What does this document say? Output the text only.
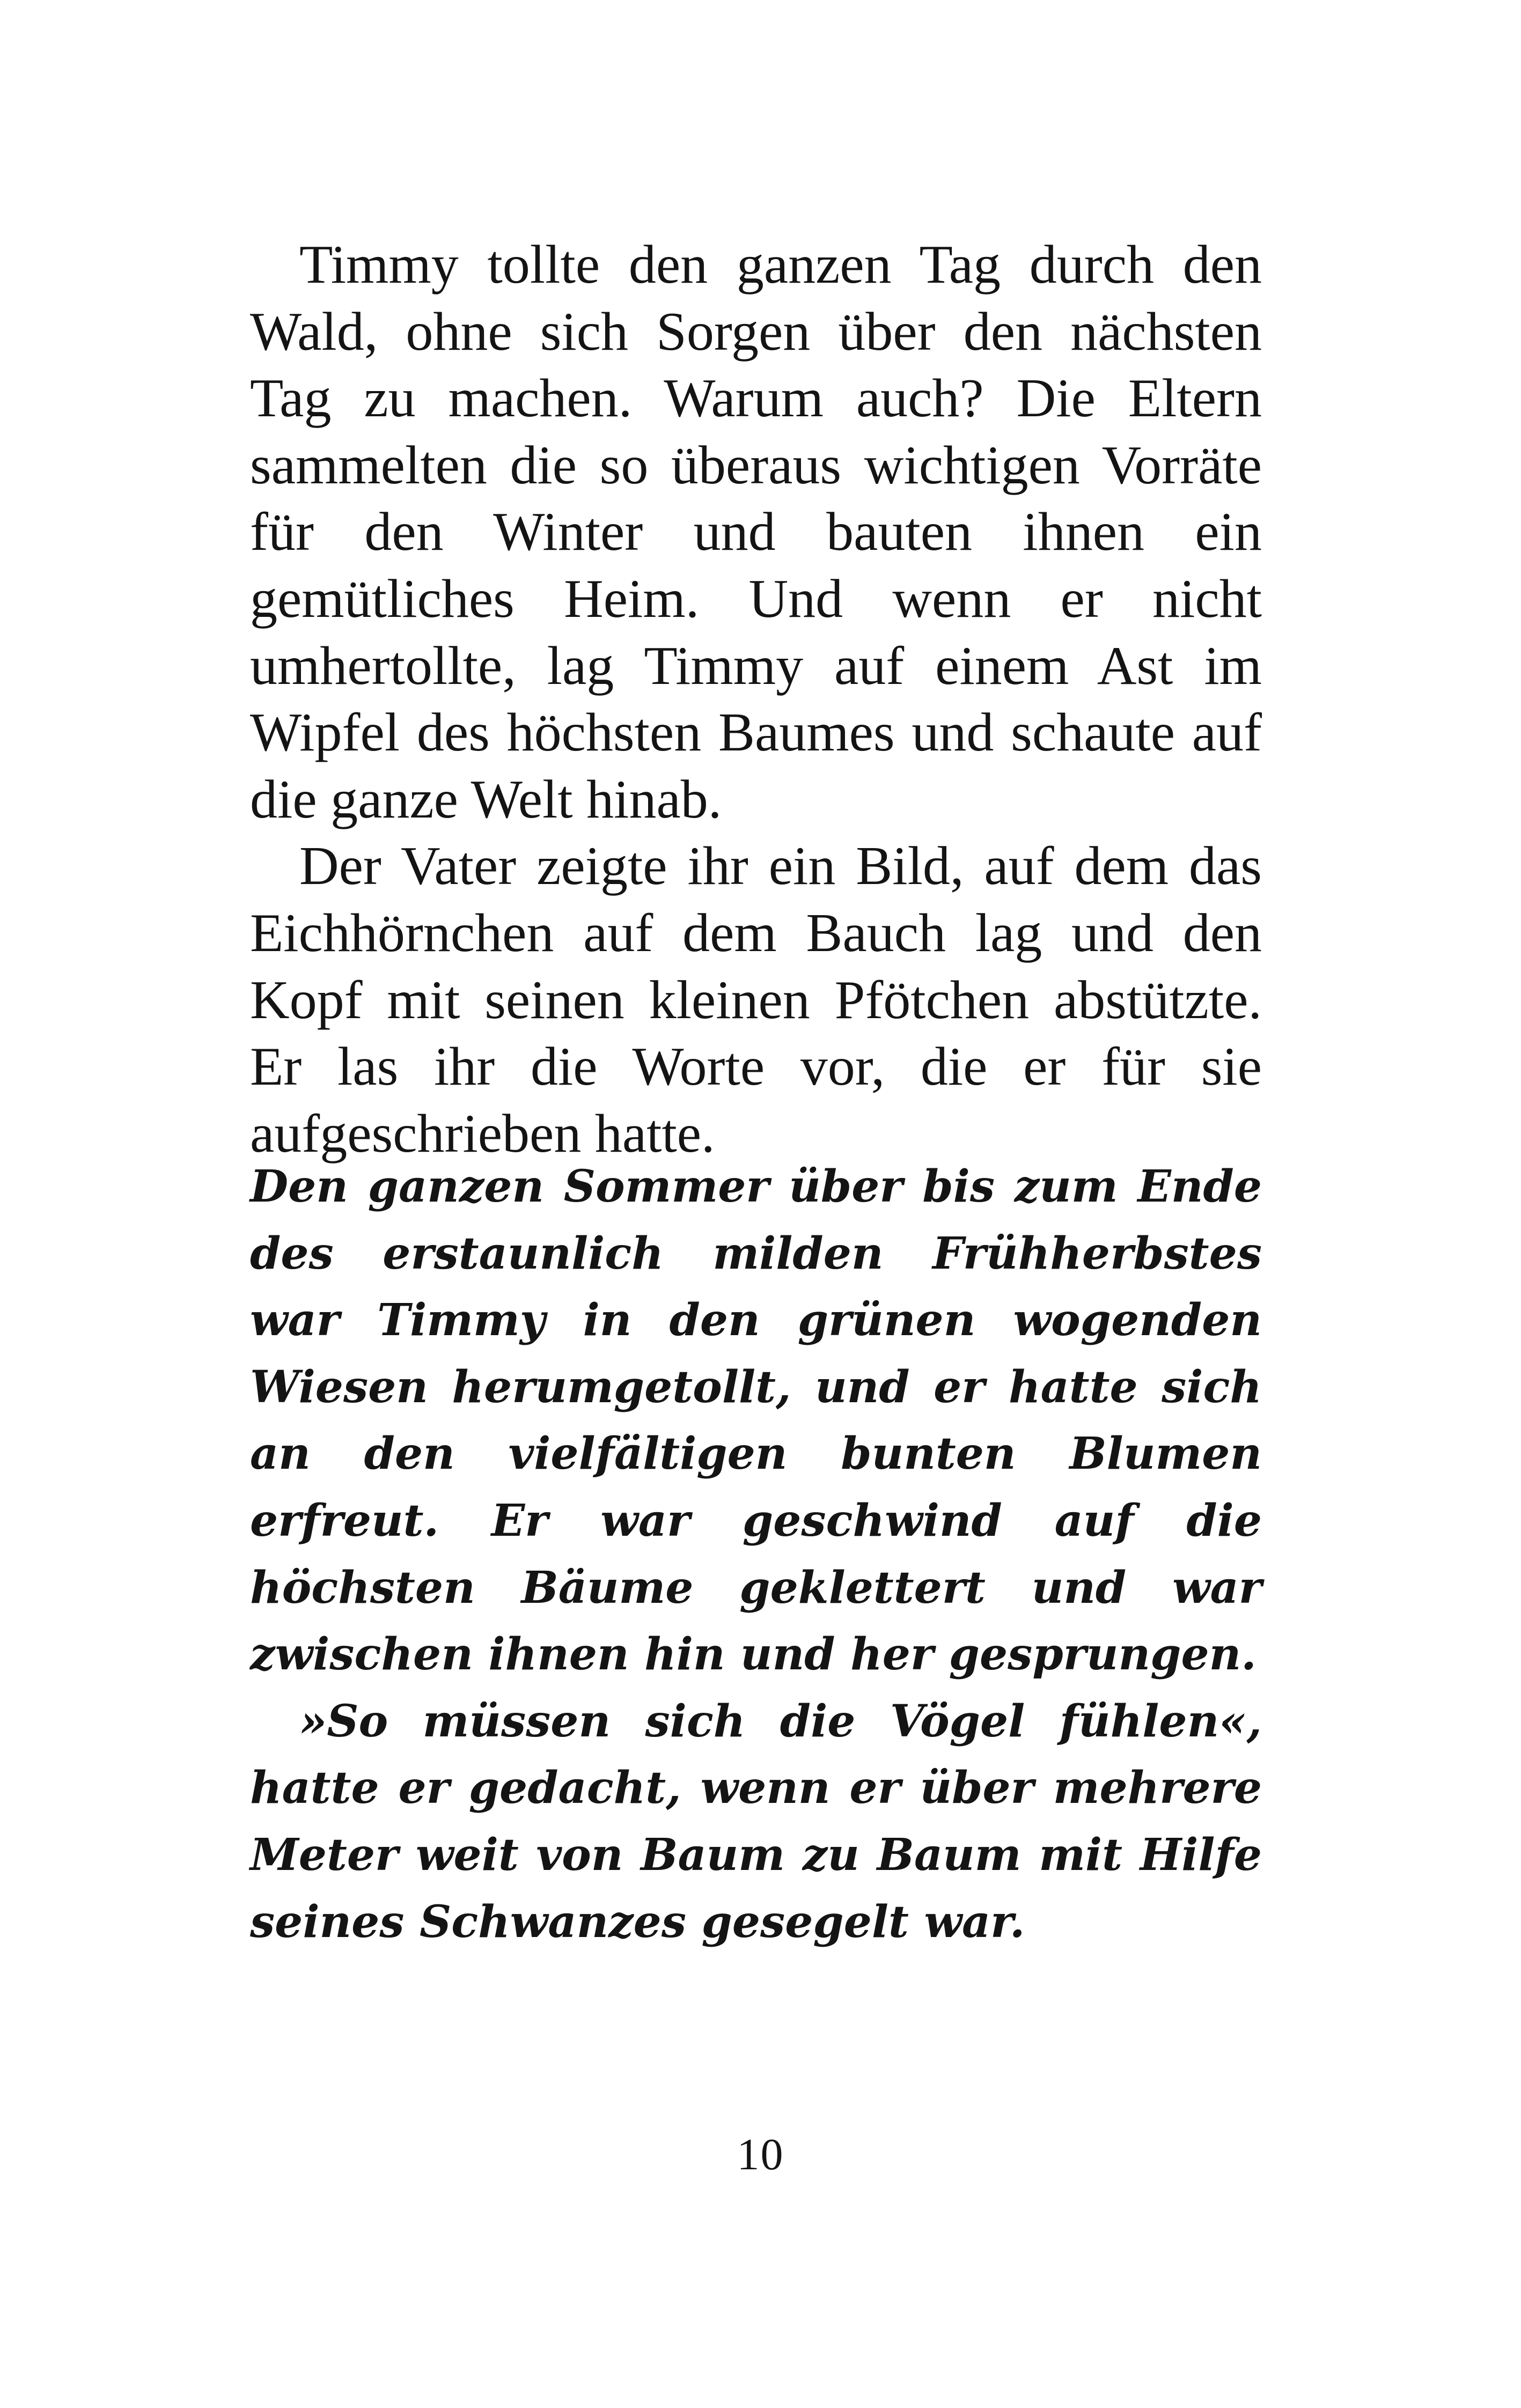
Timmy tollte den ganzen Tag durch den Wald, ohne sich Sorgen über den nächsten Tag zu machen. Warum auch? Die Eltern sammelten die so überaus wichtigen Vorräte für den Winter und bauten ihnen ein gemütliches Heim. Und wenn er nicht umhertollte, lag Timmy auf einem Ast im Wipfel des höchsten Baumes und schaute auf die ganze Welt hinab.

Der Vater zeigte ihr ein Bild, auf dem das Eichhörnchen auf dem Bauch lag und den Kopf mit seinen kleinen Pfötchen abstützte. Er las ihr die Worte vor, die er für sie aufgeschrieben hatte.

Den ganzen Sommer über bis zum Ende des erstaunlich milden Frühherbstes war Timmy in den grünen wogenden Wiesen herumgetollt, und er hatte sich an den vielfältigen bunten Blumen erfreut. Er war geschwind auf die höchsten Bäume geklettert und war zwischen ihnen hin und her gesprungen.

»So müssen sich die Vögel fühlen«, hatte er gedacht, wenn er über mehrere Meter weit von Baum zu Baum mit Hilfe seines Schwanzes gesegelt war.

10
